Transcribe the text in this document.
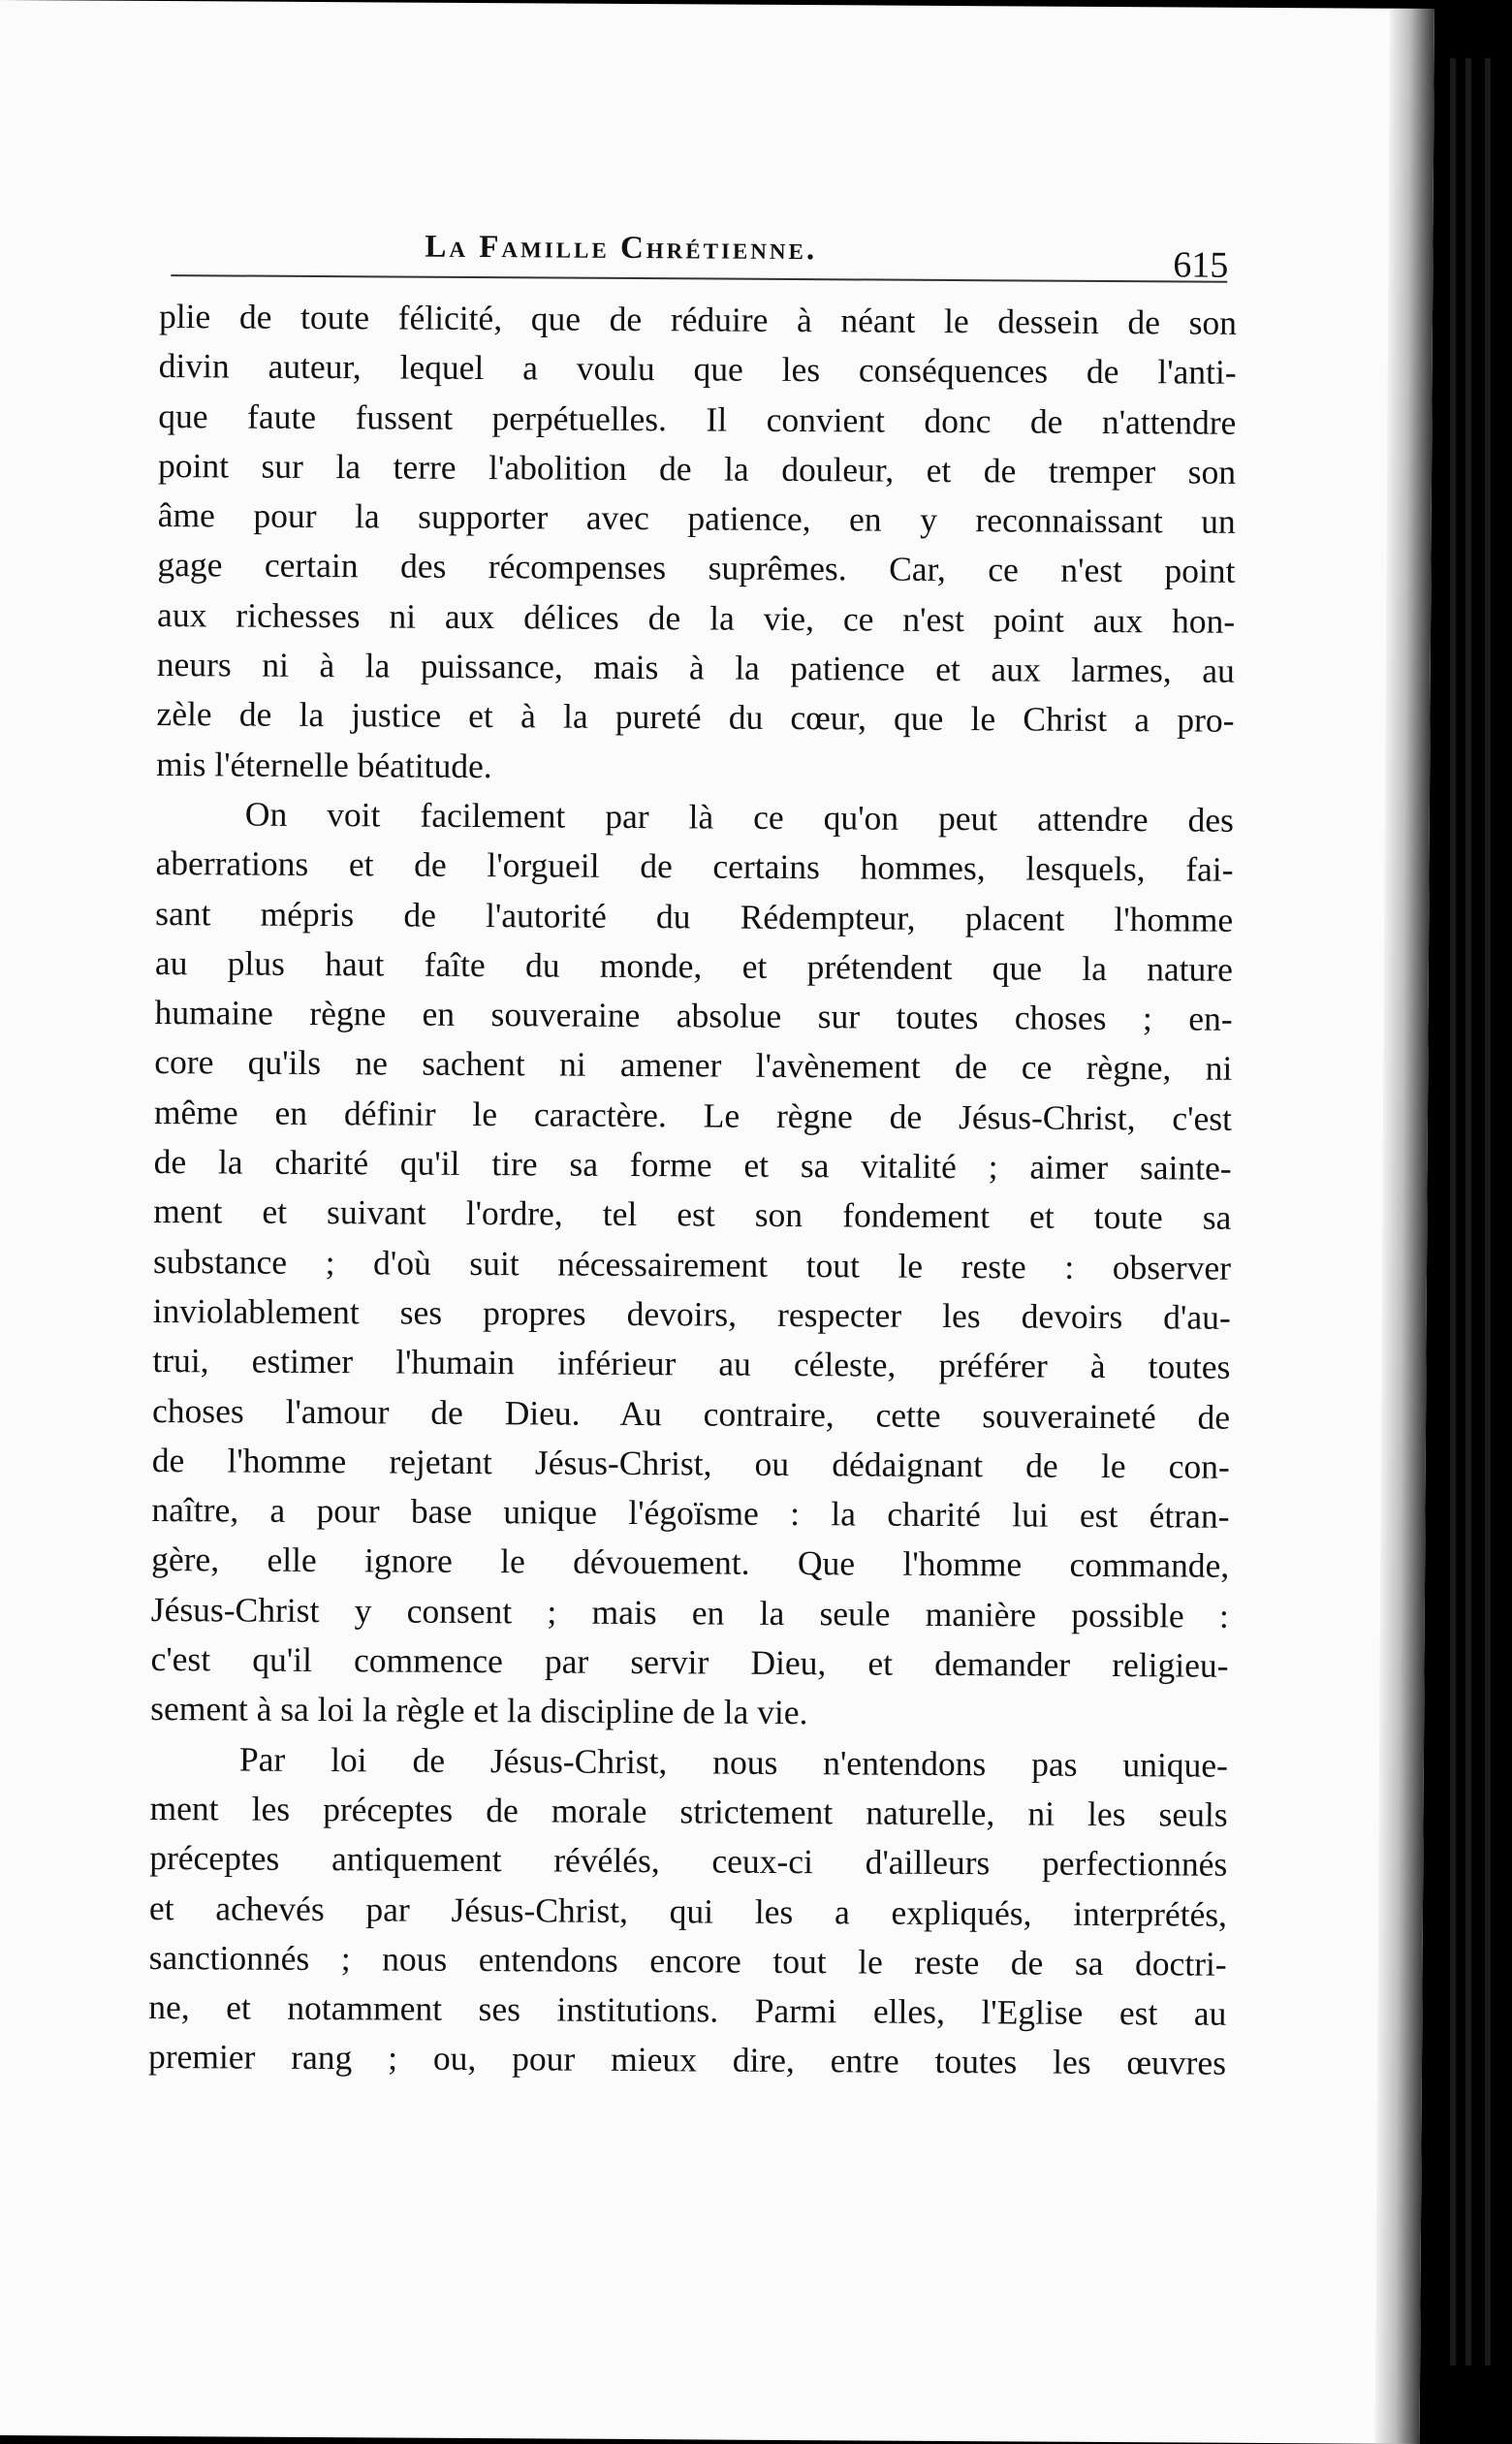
La Famille Chrétienne.	615
plie de toute félicité, que de réduire à néant le dessein de son
divin auteur, lequel a voulu que les conséquences de l'anti-
que faute fussent perpétuelles. Il convient donc de n'attendre
point sur la terre l'abolition de la douleur, et de tremper son
âme pour la supporter avec patience, en y reconnaissant un
gage certain des récompenses suprêmes. Car, ce n'est point
aux richesses ni aux délices de la vie, ce n'est point aux hon-
neurs ni à la puissance, mais à la patience et aux larmes, au
zèle de la justice et à la pureté du cœur, que le Christ a pro-
mis l'éternelle béatitude.
On voit facilement par là ce qu'on peut attendre des
aberrations et de l'orgueil de certains hommes, lesquels, fai-
sant mépris de l'autorité du Rédempteur, placent l'homme
au plus haut faîte du monde, et prétendent que la nature
humaine règne en souveraine absolue sur toutes choses ; en-
core qu'ils ne sachent ni amener l'avènement de ce règne, ni
même en définir le caractère. Le règne de Jésus-Christ, c'est
de la charité qu'il tire sa forme et sa vitalité ; aimer sainte-
ment et suivant l'ordre, tel est son fondement et toute sa
substance ; d'où suit nécessairement tout le reste : observer
inviolablement ses propres devoirs, respecter les devoirs d'au-
trui, estimer l'humain inférieur au céleste, préférer à toutes
choses l'amour de Dieu. Au contraire, cette souveraineté de
de l'homme rejetant Jésus-Christ, ou dédaignant de le con-
naître, a pour base unique l'égoïsme : la charité lui est étran-
gère, elle ignore le dévouement. Que l'homme commande,
Jésus-Christ y consent ; mais en la seule manière possible :
c'est qu'il commence par servir Dieu, et demander religieu-
sement à sa loi la règle et la discipline de la vie.
Par loi de Jésus-Christ, nous n'entendons pas unique-
ment les préceptes de morale strictement naturelle, ni les seuls
préceptes antiquement révélés, ceux-ci d'ailleurs perfectionnés
et achevés par Jésus-Christ, qui les a expliqués, interprétés,
sanctionnés ; nous entendons encore tout le reste de sa doctri-
ne, et notamment ses institutions. Parmi elles, l'Eglise est au
premier rang ; ou, pour mieux dire, entre toutes les œuvres
